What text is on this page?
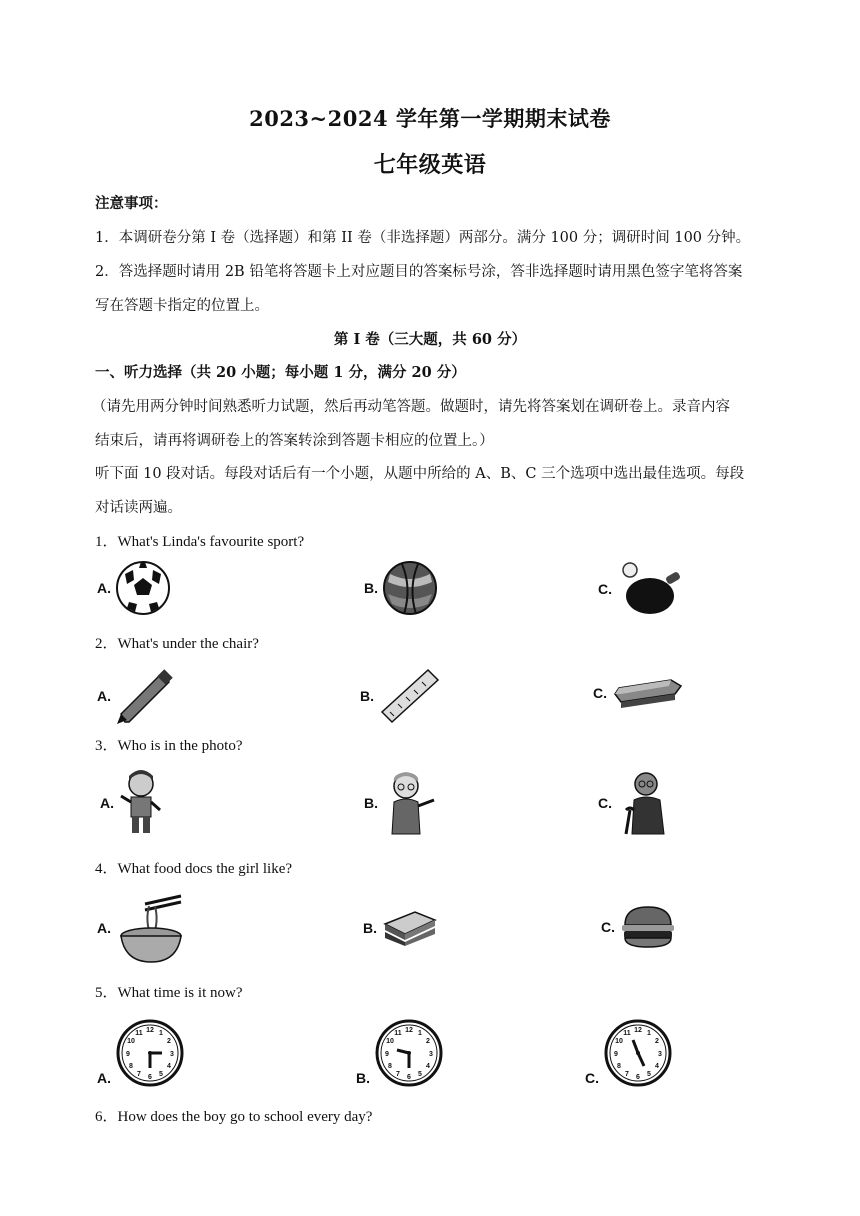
2023~2024 学年第一学期期末试卷
七年级英语
注意事项：
1．本调研卷分第 I 卷（选择题）和第 II 卷（非选择题）两部分。满分 100 分；调研时间 100 分钟。
2．答选择题时请用 2B 铅笔将答题卡上对应题目的答案标号涂，答非选择题时请用黑色签字笔将答案
写在答题卡指定的位置上。
第 I 卷（三大题，共 60 分）
一、听力选择（共 20 小题；每小题 1 分，满分 20 分）
（请先用两分钟时间熟悉听力试题，然后再动笔答题。做题时，请先将答案划在调研卷上。录音内容
结束后，请再将调研卷上的答案转涂到答题卡相应的位置上。）
听下面 10 段对话。每段对话后有一个小题，从题中所给的 A、B、C 三个选项中选出最佳选项。每段
对话读两遍。
1．What's Linda's favourite sport?
A.	B.	C.
2．What's under the chair?
A.	B.	C.
3．Who is in the photo?
A.	B.	C.
4．What food docs the girl like?
A.	B.	C.
5．What time is it now?
A.
12 1
2
3
4
5
6
7
8
9
10
11
B.
12 1
2
3
4
5
6
7
8
9
10
11
C.
12 1
2
3
4
5
6
7
8
9
10
11
6．How does the boy go to school every day?
